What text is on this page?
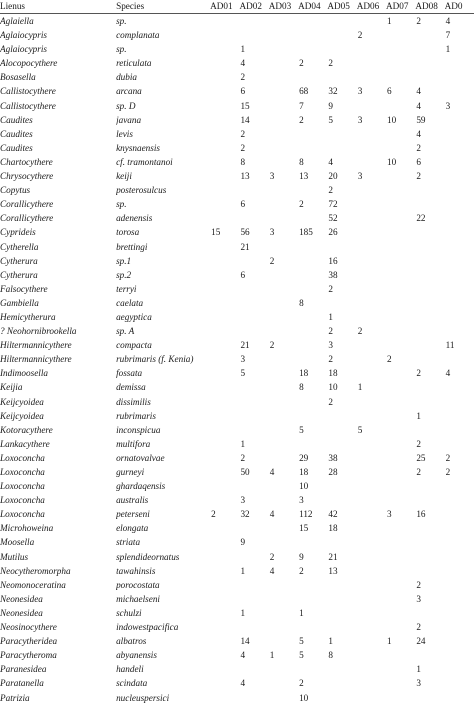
Lienus	Species	AD01	AD02	AD03	AD04	AD05	AD06	AD07	AD08	AD0
Aglaiella	sp.							1	2	4
Aglaiocypris	complanata						2			7
Aglaiocypris	sp.		1							1
Alocopocythere	reticulata		4		2	2				
Bosasella	dubia		2							
Callistocythere	arcana		6		68	32	3	6	4	
Callistocythere	sp. D		15		7	9			4	3
Caudites	javana		14		2	5	3	10	59	
Caudites	levis		2						4	
Caudites	knysnaensis		2						2	
Chartocythere	cf. tramontanoi		8		8	4		10	6	
Chrysocythere	keiji		13	3	13	20	3		2	
Copytus	posterosulcus					2				
Corallicythere	sp.		6		2	72				
Corallicythere	adenensis					52			22	
Cyprideis	torosa	15	56	3	185	26				
Cytherella	brettingi		21							
Cytherura	sp.1			2		16				
Cytherura	sp.2		6			38				
Falsocythere	terryi					2				
Gambiella	caelata				8					
Hemicytherura	aegyptica					1				
? Neohornibrookella	sp. A					2	2			
Hiltermannicythere	compacta		21	2		3				11
Hiltermannicythere	rubrimaris (f. Kenia)		3			2		2		
Indimoosella	fossata		5		18	18			2	4
Keijia	demissa				8	10	1			
Keijcyoidea	dissimilis					2				
Keijcyoidea	rubrimaris								1	
Kotoracythere	inconspicua				5		5			
Lankacythere	multifora		1						2	
Loxoconcha	ornatovalvae		2		29	38			25	2
Loxoconcha	gurneyi		50	4	18	28			2	2
Loxoconcha	ghardaqensis				10					
Loxoconcha	australis		3		3					
Loxoconcha	peterseni	2	32	4	112	42		3	16	
Microhoweina	elongata				15	18				
Moosella	striata		9							
Mutilus	splendideornatus			2	9	21				
Neocytheromorpha	tawahinsis		1	4	2	13				
Neomonoceratina	porocostata								2	
Neonesidea	michaelseni								3	
Neonesidea	schulzi		1		1					
Neosinocythere	indowestpacifica								2	
Paracytheridea	albatros		14		5	1		1	24	
Paracytheroma	abyanensis		4	1	5	8				
Paranesidea	handeli								1	
Paratanella	scindata		4		2				3	
Patrizia	nucleuspersici				10					
